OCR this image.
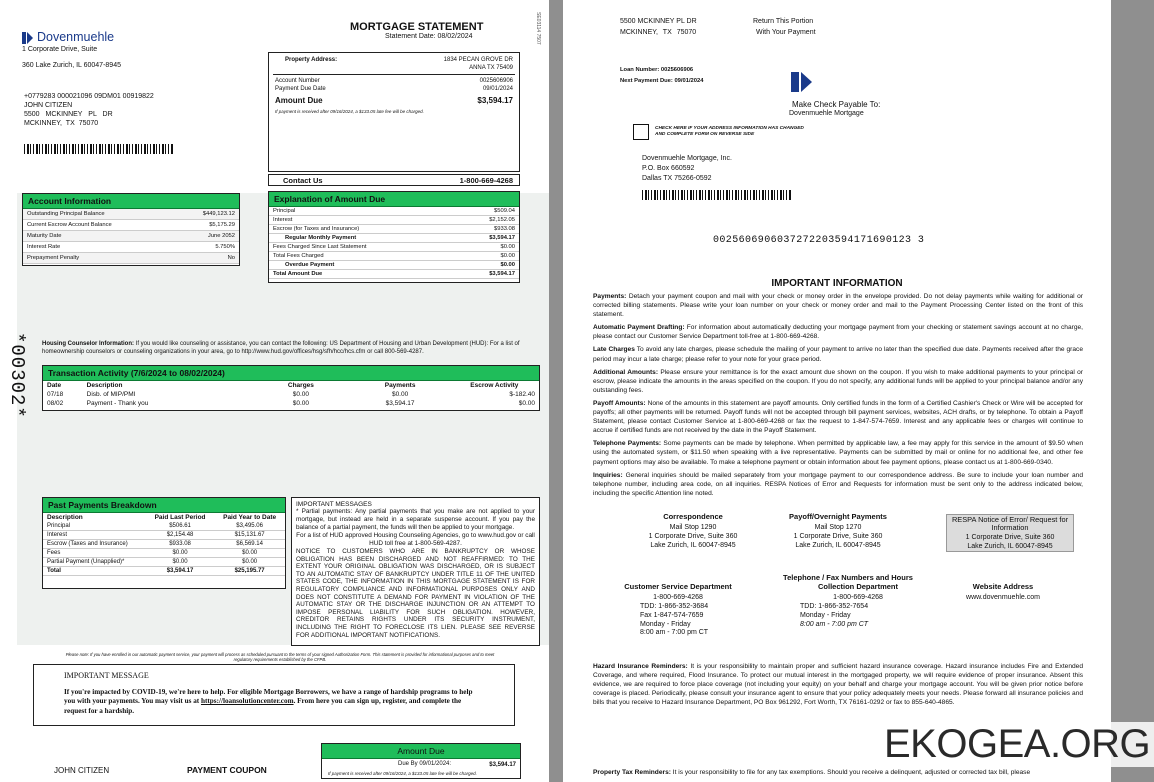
Dovenmuehle
1 Corporate Drive, Suite
360 Lake Zurich, IL 60047-8945
MORTGAGE STATEMENT
Statement Date: 08/02/2024	SE03114 7507
+0779283 000021096 09DM01 00919822
JOHN CITIZEN
5500 MCKINNEY PL DR
MCKINNEY, TX 75070
Property Address:	1834 PECAN GROVE DR
ANNA TX 75409
Account Number	0025606906
Payment Due Date	09/01/2024
Amount Due	$3,594.17
If payment is received after 09/16/2024, a $133.05 late fee will be charged.
Contact Us	1-800-669-4268
Account Information
Outstanding Principal Balance	$449,123.12
Current Escrow Account Balance	$5,175.29
Maturity Date	June 2052
Interest Rate	5.750%
Prepayment Penalty	No
Explanation of Amount Due
Principal	$509.04
Interest	$2,152.05
Escrow (for Taxes and Insurance)	$933.08
Regular Monthly Payment	$3,594.17
Fees Charged Since Last Statement	$0.00
Total Fees Charged	$0.00
Overdue Payment	$0.00
Total Amount Due	$3,594.17
*00302* Housing Counselor Information: If you would like counseling or assistance, you can contact the following: US Department of Housing and Urban Development (HUD): For a list of homeownership counselors or counseling organizations in your area, go to http://www.hud.gov/offices/hsg/sfh/hcc/hcs.cfm or call 800-569-4287.
Transaction Activity (7/6/2024 to 08/02/2024)
Date	Description	Charges	Payments	Escrow Activity
07/18	Disb. of MIP/PMI	$0.00	$0.00	$-182.40
08/02	Payment - Thank you	$0.00	$3,594.17	$0.00
Past Payments Breakdown
Description	Paid Last Period	Paid Year to Date
Principal	$506.61	$3,495.06
Interest	$2,154.48	$15,131.67
Escrow (Taxes and Insurance)	$933.08	$6,569.14
Fees	$0.00	$0.00
Partial Payment (Unapplied)*	$0.00	$0.00
Total	$3,594.17	$25,195.77
IMPORTANT MESSAGES
* Partial payments: Any partial payments that you make are not applied to your mortgage, but instead are held in a separate suspense account. If you pay the balance of a partial payment, the funds will then be applied to your mortgage.
For a list of HUD approved Housing Counseling Agencies, go to www.hud.gov or call HUD toll free at 1-800-569-4287.
NOTICE TO CUSTOMERS WHO ARE IN BANKRUPTCY OR WHOSE OBLIGATION HAS BEEN DISCHARGED AND NOT REAFFIRMED: TO THE EXTENT YOUR ORIGINAL OBLIGATION WAS DISCHARGED, OR IS SUBJECT TO AN AUTOMATIC STAY OF BANKRUPTCY UNDER TITLE 11 OF THE UNITED STATES CODE, THE INFORMATION IN THIS MORTGAGE STATEMENT IS FOR REGULATORY COMPLIANCE AND INFORMATIONAL PURPOSES ONLY AND DOES NOT CONSTITUTE A DEMAND FOR PAYMENT IN VIOLATION OF THE AUTOMATIC STAY OR THE DISCHARGE INJUNCTION OR AN ATTEMPT TO IMPOSE PERSONAL LIABILITY FOR SUCH OBLIGATION. HOWEVER, CREDITOR RETAINS RIGHTS UNDER ITS SECURITY INSTRUMENT, INCLUDING THE RIGHT TO FORECLOSE ITS LIEN. PLEASE SEE REVERSE FOR ADDITIONAL IMPORTANT NOTIFICATIONS.
Please note: If you have enrolled in our automatic payment service, your payment will process as scheduled pursuant to the terms of your signed Authorization Form. This statement is provided for informational purposes and to meet regulatory requirements established by the CFPB.
IMPORTANT MESSAGE
If you're impacted by COVID-19, we're here to help. For eligible Mortgage Borrowers, we have a range of hardship programs to help you with your payments. You may visit us at https://loansolutioncenter.com. From here you can sign up, register, and complete the request for a hardship.
Amount Due
Due By 09/01/2024:	$3,594.17
If payment is received after 09/16/2024, a $133.05 late fee will be charged.
JOHN CITIZEN	PAYMENT COUPON
5500 MCKINNEY PL DR
MCKINNEY, TX 75070
Return This Portion
With Your Payment
Loan Number: 0025606906
Next Payment Due: 09/01/2024
Make Check Payable To:
Dovenmuehle Mortgage
CHECK HERE IF YOUR ADDRESS INFORMATION HAS CHANGED AND COMPLETE FORM ON REVERSE SIDE
Dovenmuehle Mortgage, Inc.
P.O. Box 660592
Dallas TX 75266-0592
0025606906037272203594171690123 3
IMPORTANT INFORMATION

Payments: Detach your payment coupon and mail with your check or money order in the envelope provided. Do not delay payments while waiting for additional or corrected billing statements. Please write your loan number on your check or money order and mail to the Payment Processing Center listed on the front of this statement.

Automatic Payment Drafting: For information about automatically deducting your mortgage payment from your checking or statement savings account at no charge, please contact our Customer Service Department toll-free at 1-800-669-4268.

Late Charges To avoid any late charges, please schedule the mailing of your payment to arrive no later than the specified due date. Payments received after the grace period may incur a late charge; please refer to your note for your grace period.

Additional Amounts: Please ensure your remittance is for the exact amount due shown on the coupon. If you wish to make additional payments to your principal or escrow, please indicate the amounts in the areas specified on the coupon. If you do not specify, any additional funds will be applied to your principal balance and/or any outstanding fees.

Payoff Amounts: None of the amounts in this statement are payoff amounts. Only certified funds in the form of a Certified Cashier's Check or Wire will be accepted for payoffs; all other payments will be returned. Payoff funds will not be accepted through bill payment services, websites, ACH drafts, or by telephone. To obtain a Payoff Statement, please contact Customer Service at 1-800-669-4268 or fax the request to 1-847-574-7659. Interest and any applicable fees or charges will continue to accrue if certified funds are not received by the date in the Payoff Statement.

Telephone Payments: Some payments can be made by telephone. When permitted by applicable law, a fee may apply for this service in the amount of $9.50 when using the automated system, or $11.50 when speaking with a live representative. Payments can be submitted by mail or online for no additional fee, and other fee payment options may also be available. To make a telephone payment or obtain information about fee payment options, please contact us at 1-800-669-0340.

Inquiries: General inquiries should be mailed separately from your mortgage payment to our correspondence address. Be sure to include your loan number and telephone number, including area code, on all inquiries. RESPA Notices of Error and Requests for information must be sent only to the address indicated below, including the specific Attention line noted.

Correspondence
Mail Stop 1290
1 Corporate Drive, Suite 360
Lake Zurich, IL 60047-8945
Payoff/Overnight Payments
Mail Stop 1270
1 Corporate Drive, Suite 360
Lake Zurich, IL 60047-8945
RESPA Notice of Error/ Request for Information
1 Corporate Drive, Suite 360
Lake Zurich, IL 60047-8945
Telephone / Fax Numbers and Hours
Customer Service Department
1-800-669-4268
TDD: 1-866-352-3684
Fax 1-847-574-7659
Monday - Friday
8:00 am - 7:00 pm CT
Collection Department
1-800-669-4268
TDD: 1-866-352-7654
Monday - Friday
8:00 am - 7:00 pm CT
Website Address
www.dovenmuehle.com

Hazard Insurance Reminders: It is your responsibility to maintain proper and sufficient hazard insurance coverage. Hazard insurance includes Fire and Extended Coverage, and where required, Flood Insurance. To protect our mutual interest in the mortgaged property, we will require evidence of proper insurance. Absent this evidence, we are required to force place coverage (not including your equity) on your behalf and charge your mortgage account. You will be given prior notice before coverage is placed. Periodically, please consult your insurance agent to ensure that your policy adequately meets your needs. Please forward all insurance policies and bills that you receive to Hazard Insurance Department, PO Box 961292, Fort Worth, TX 76161-0292 or fax to 855-640-4865.

EKOGEA.ORG

Property Tax Reminders: It is your responsibility to file for any tax exemptions. Should you receive a delinquent, adjusted or corrected tax bill, please
